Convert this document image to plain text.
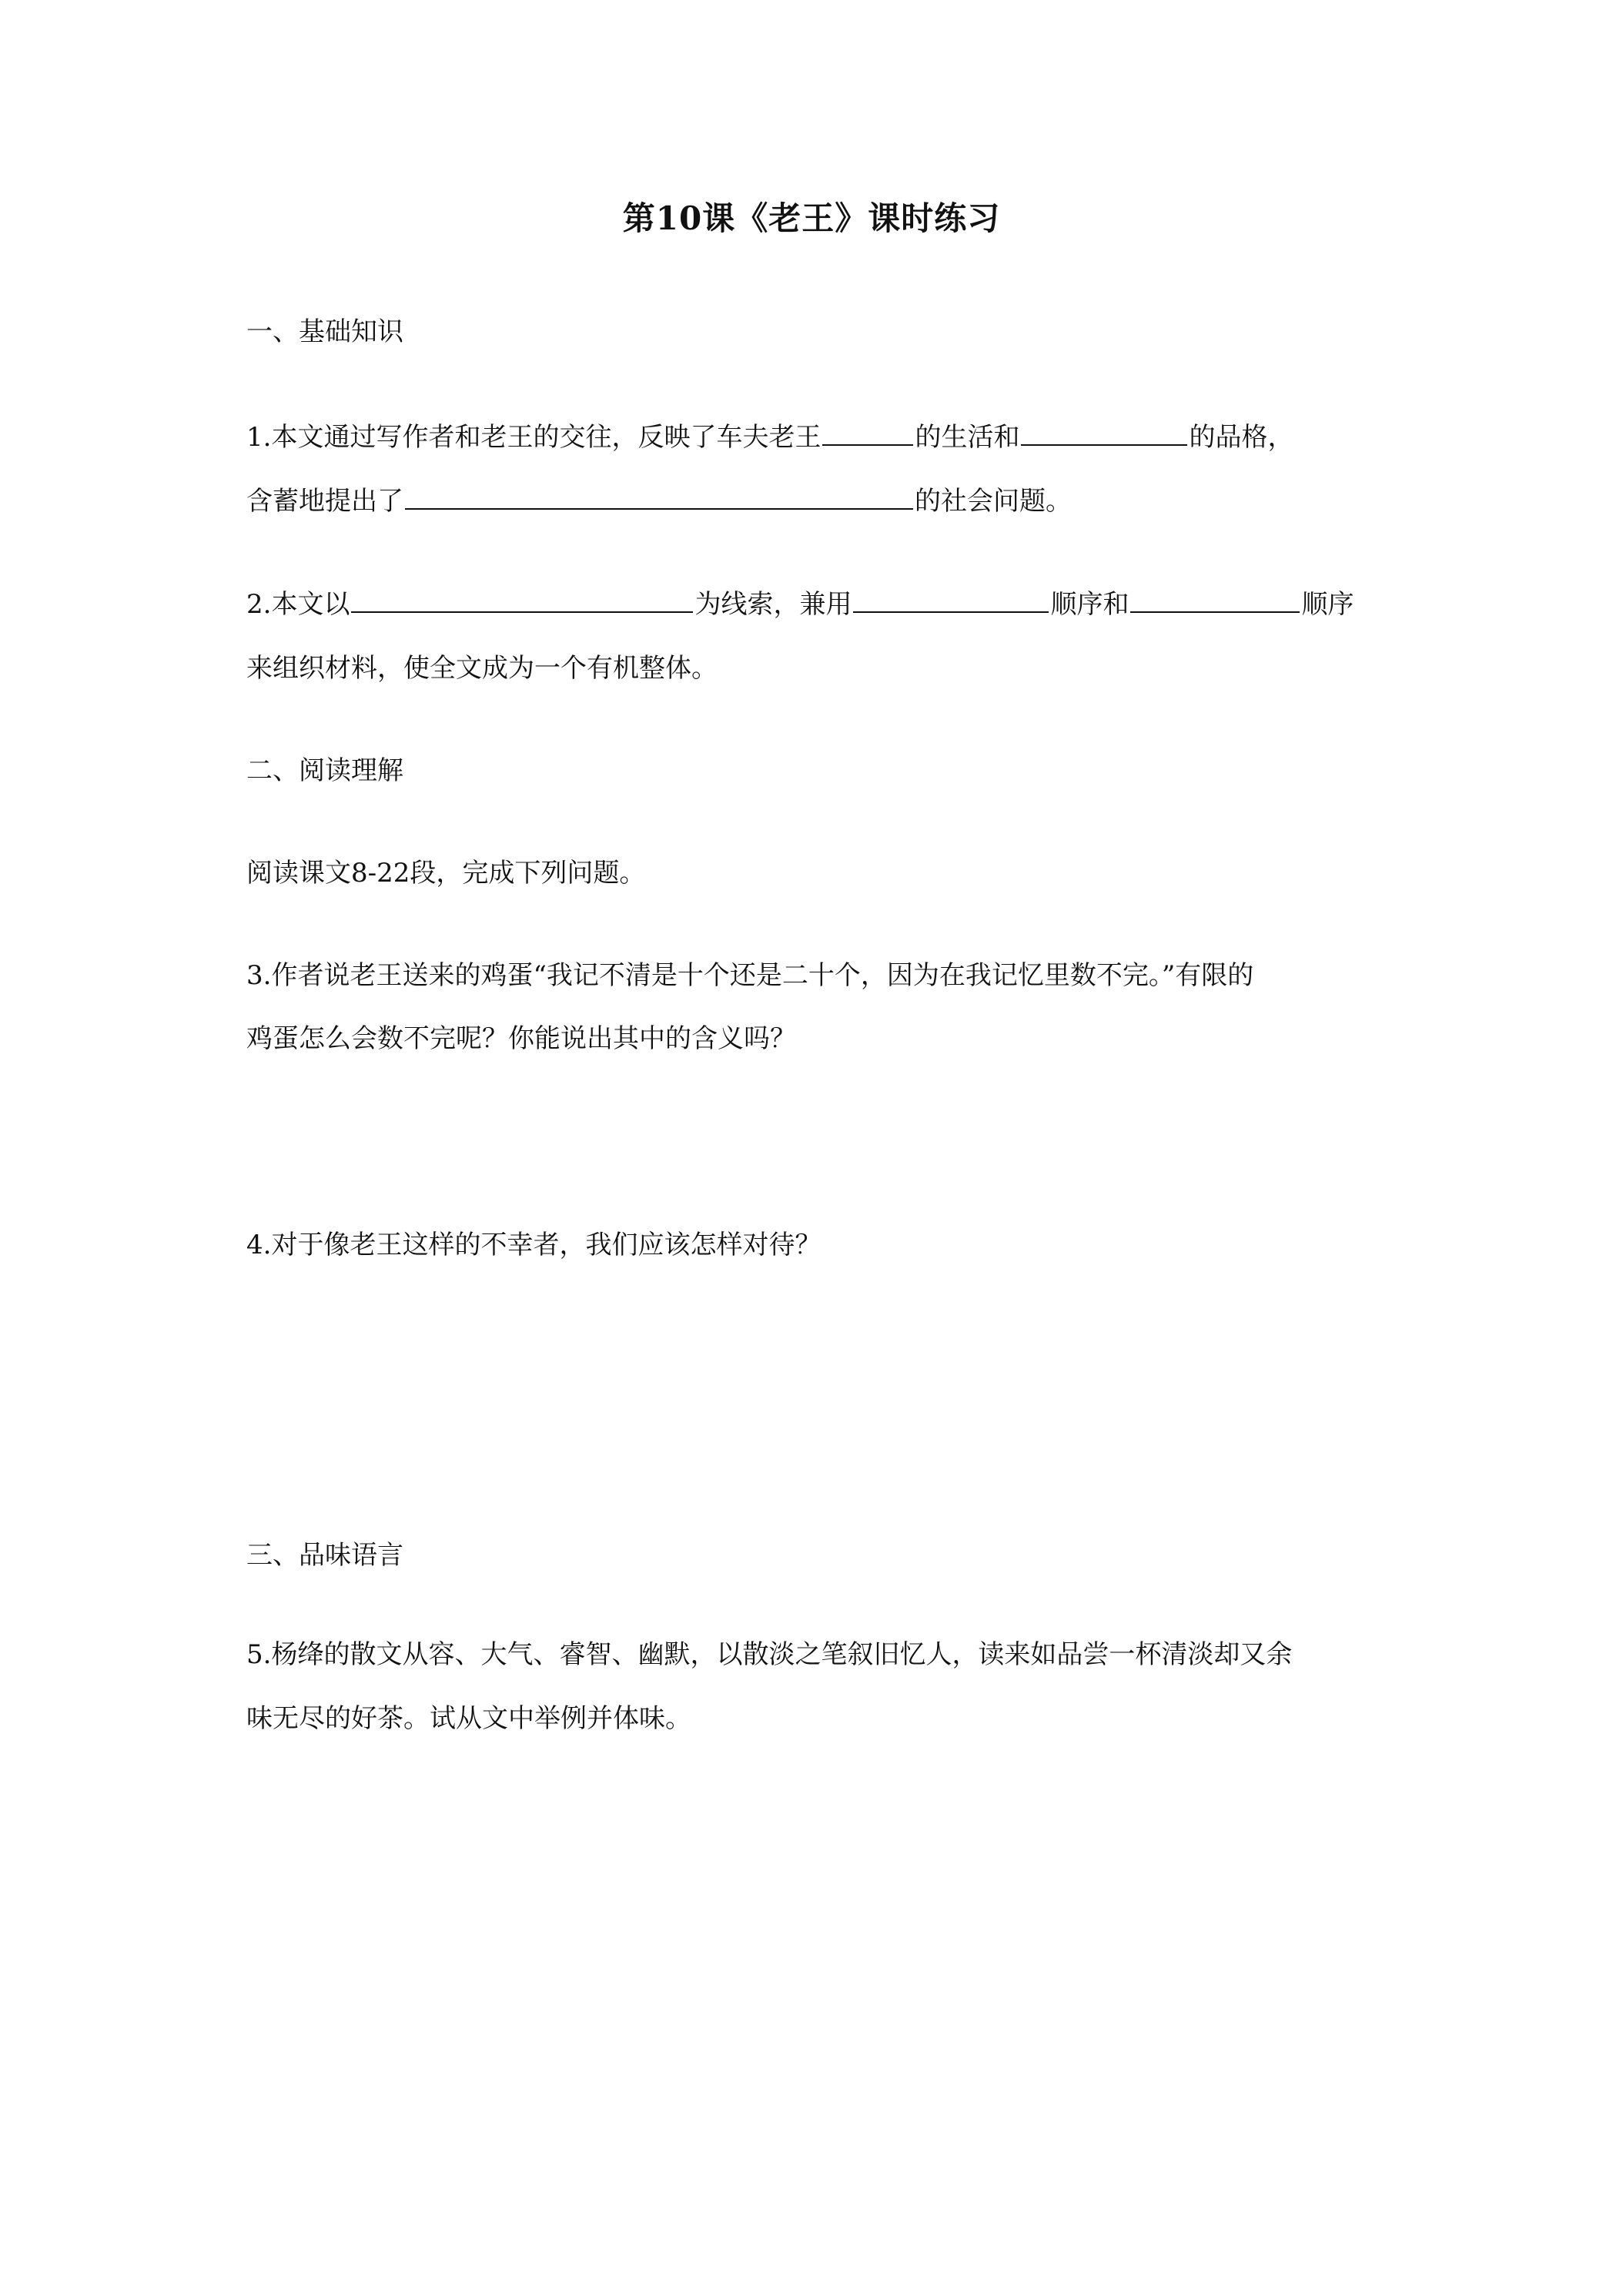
第10课《老王》课时练习
一、基础知识
1.本文通过写作者和老王的交往，反映了车夫老王	的生活和	的品格，
含蓄地提出了	的社会问题。
2.本文以	为线索，兼用	顺序和	顺序
来组织材料，使全文成为一个有机整体。
二、阅读理解
阅读课文8-22段，完成下列问题。
3.作者说老王送来的鸡蛋“我记不清是十个还是二十个，因为在我记忆里数不完。”有限的
鸡蛋怎么会数不完呢？你能说出其中的含义吗？
4.对于像老王这样的不幸者，我们应该怎样对待？
三、品味语言
5.杨绛的散文从容、大气、睿智、幽默，以散淡之笔叙旧忆人，读来如品尝一杯清淡却又余
味无尽的好茶。试从文中举例并体味。
